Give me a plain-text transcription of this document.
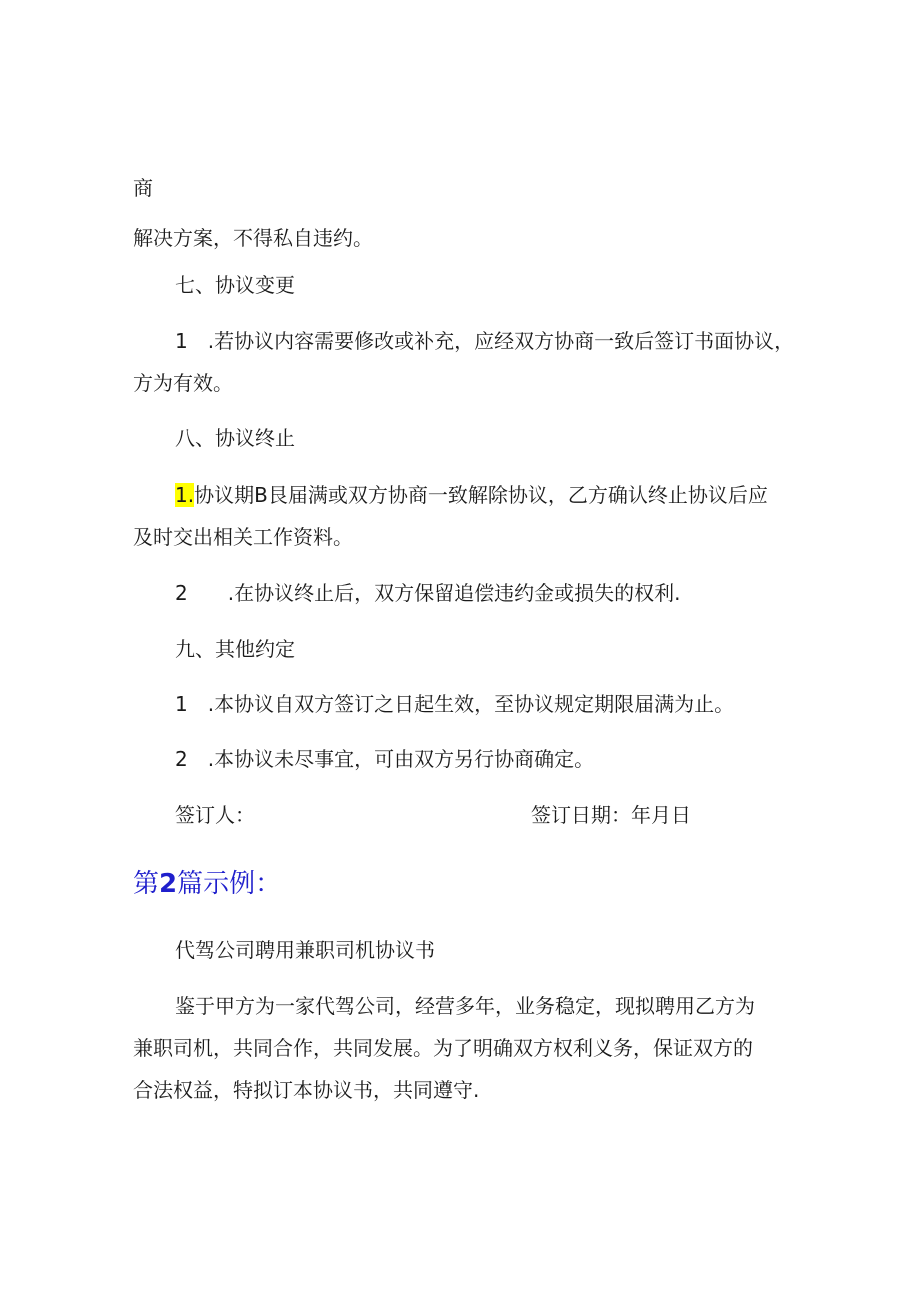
商
解决方案，不得私自违约。
七、协议变更
1　.若协议内容需要修改或补充，应经双方协商一致后签订书面协议，
方为有效。
八、协议终止
1.协议期B艮届满或双方协商一致解除协议，乙方确认终止协议后应
及时交出相关工作资料。
2　　.在协议终止后，双方保留追偿违约金或损失的权利.
九、其他约定
1　.本协议自双方签订之日起生效，至协议规定期限届满为止。
2　.本协议未尽事宜，可由双方另行协商确定。
签订人：	签订日期：年月日
第2篇示例：
代驾公司聘用兼职司机协议书
鉴于甲方为一家代驾公司，经营多年，业务稳定，现拟聘用乙方为
兼职司机，共同合作，共同发展。为了明确双方权利义务，保证双方的
合法权益，特拟订本协议书，共同遵守.
